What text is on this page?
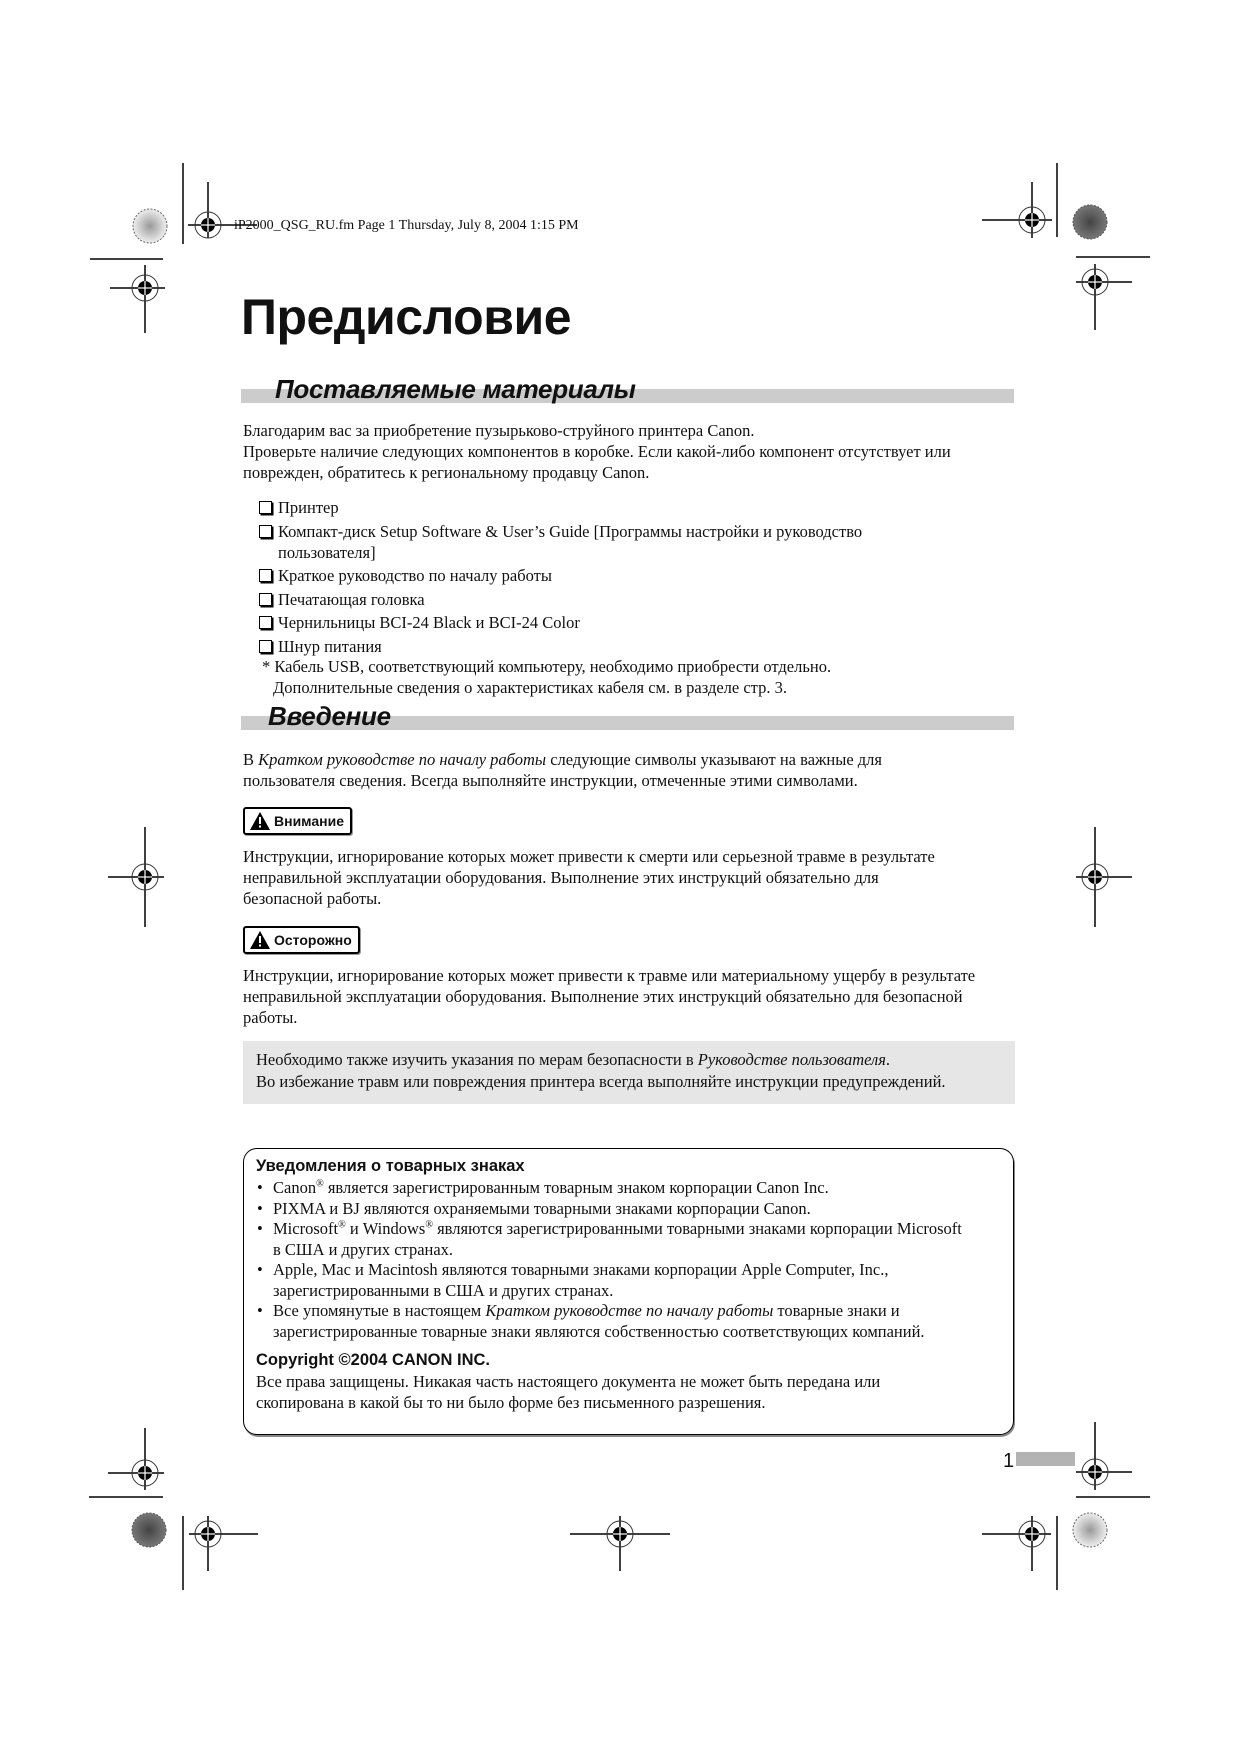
iP2000_QSG_RU.fm Page 1 Thursday, July 8, 2004 1:15 PM
Предисловие
Поставляемые материалы

Благодарим вас за приобретение пузырьково-струйного принтера Canon.

Проверьте наличие следующих компонентов в коробке. Если какой-либо компонент отсутствует или поврежден, обратитесь к региональному продавцу Canon.

Принтер
Компакт-диск Setup Software & User’s Guide [Программы настройки и руководство пользователя]
Краткое руководство по началу работы
Печатающая головка
Чернильницы BCI-24 Black и BCI-24 Color
Шнур питания
* Кабель USB, соответствующий компьютеру, необходимо приобрести отдельно.
Дополнительные сведения о характеристиках кабеля см. в разделе стр. 3.
Введение
В Кратком руководстве по началу работы следующие символы указывают на важные для пользователя сведения. Всегда выполняйте инструкции, отмеченные этими символами.
Внимание
Инструкции, игнорирование которых может привести к смерти или серьезной травме в результате неправильной эксплуатации оборудования. Выполнение этих инструкций обязательно для безопасной работы.
Осторожно
Инструкции, игнорирование которых может привести к травме или материальному ущербу в результате неправильной эксплуатации оборудования. Выполнение этих инструкций обязательно для безопасной работы.
Необходимо также изучить указания по мерам безопасности в Руководстве пользователя.
Во избежание травм или повреждения принтера всегда выполняйте инструкции предупреждений.
Уведомления о товарных знаках
• Canon® является зарегистрированным товарным знаком корпорации Canon Inc.
• PIXMA и BJ являются охраняемыми товарными знаками корпорации Canon.
• Microsoft® и Windows® являются зарегистрированными товарными знаками корпорации Microsoft в США и других странах.
• Apple, Mac и Macintosh являются товарными знаками корпорации Apple Computer, Inc., зарегистрированными в США и других странах.
• Все упомянутые в настоящем Кратком руководстве по началу работы товарные знаки и зарегистрированные товарные знаки являются собственностью соответствующих компаний.
Copyright ©2004 CANON INC.

Все права защищены. Никакая часть настоящего документа не может быть передана или скопирована в какой бы то ни было форме без письменного разрешения.

1
